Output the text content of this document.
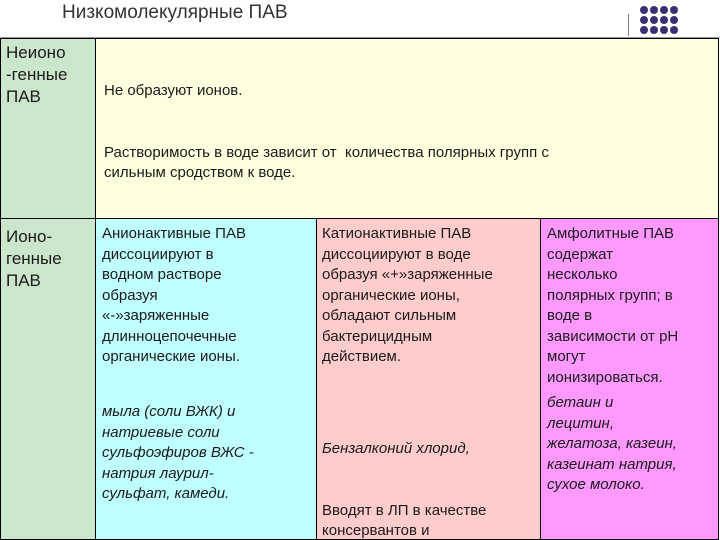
Низкомолекулярные ПАВ
Неионо
-генные
ПАВ

	Не образуют ионов.

Растворимость в воде зависит от  количества полярных групп с
сильным сродством к воде.

Ионо-
генные
ПАВ
Анионактивные ПАВ
диссоциируют в
водном растворе
образуя
«-»заряженные
длинноцепочечные
органические ионы.
мыла (соли ВЖК) и
натриевые соли
сульфоэфиров ВЖС -
натрия лаурил-
сульфат, камеди.
Катионактивные ПАВ
диссоциируют в воде
образуя «+»заряженные
органические ионы,
обладают сильным
бактерицидным
действием.

Бензалконий хлорид,

Вводят в ЛП в качестве
консервантов и
Амфолитные ПАВ
содержат
несколько
полярных групп; в
воде в
зависимости от рН
могут
ионизироваться.
бетаин и
лецитин,
желатоза, казеин,
казеинат натрия,
сухое молоко.
